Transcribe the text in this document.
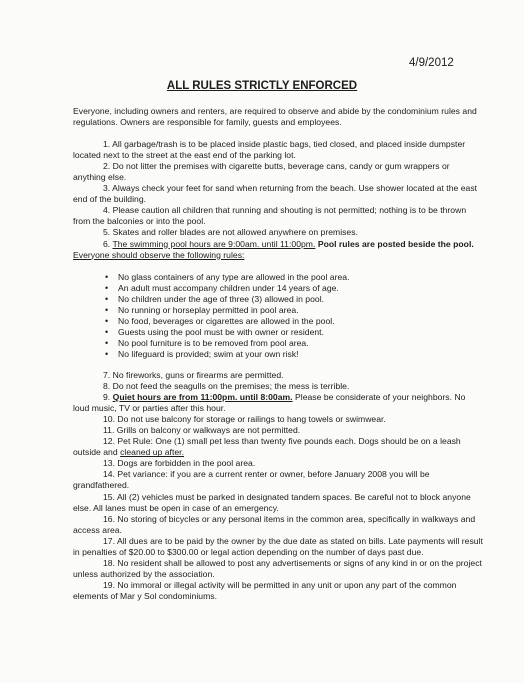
4/9/2012
ALL RULES STRICTLY ENFORCED

Everyone, including owners and renters, are required to observe and abide by the condominium rules and regulations. Owners are responsible for family, guests and employees.

1. All garbage/trash is to be placed inside plastic bags, tied closed, and placed inside dumpster located next to the street at the east end of the parking lot.

2. Do not litter the premises with cigarette butts, beverage cans, candy or gum wrappers or anything else.

3. Always check your feet for sand when returning from the beach. Use shower located at the east end of the building.

4. Please caution all children that running and shouting is not permitted; nothing is to be thrown from the balconies or into the pool.

5. Skates and roller blades are not allowed anywhere on premises.

6. The swimming pool hours are 9:00am. until 11:00pm. Pool rules are posted beside the pool. Everyone should observe the following rules:

• No glass containers of any type are allowed in the pool area.
• An adult must accompany children under 14 years of age.
• No children under the age of three (3) allowed in pool.
• No running or horseplay permitted in pool area.
• No food, beverages or cigarettes are allowed in the pool.
• Guests using the pool must be with owner or resident.
• No pool furniture is to be removed from pool area.
• No lifeguard is provided; swim at your own risk!

7. No fireworks, guns or firearms are permitted.

8. Do not feed the seagulls on the premises; the mess is terrible.

9. Quiet hours are from 11:00pm. until 8:00am. Please be considerate of your neighbors. No loud music, TV or parties after this hour.

10. Do not use balcony for storage or railings to hang towels or swimwear.

11. Grills on balcony or walkways are not permitted.

12. Pet Rule: One (1) small pet less than twenty five pounds each. Dogs should be on a leash outside and cleaned up after.

13. Dogs are forbidden in the pool area.

14. Pet variance: if you are a current renter or owner, before January 2008 you will be grandfathered.

15. All (2) vehicles must be parked in designated tandem spaces. Be careful not to block anyone else. All lanes must be open in case of an emergency.

16. No storing of bicycles or any personal items in the common area, specifically in walkways and access area.

17. All dues are to be paid by the owner by the due date as stated on bills. Late payments will result in penalties of $20.00 to $300.00 or legal action depending on the number of days past due.

18. No resident shall be allowed to post any advertisements or signs of any kind in or on the project unless authorized by the association.

19. No immoral or illegal activity will be permitted in any unit or upon any part of the common elements of Mar y Sol condominiums.
